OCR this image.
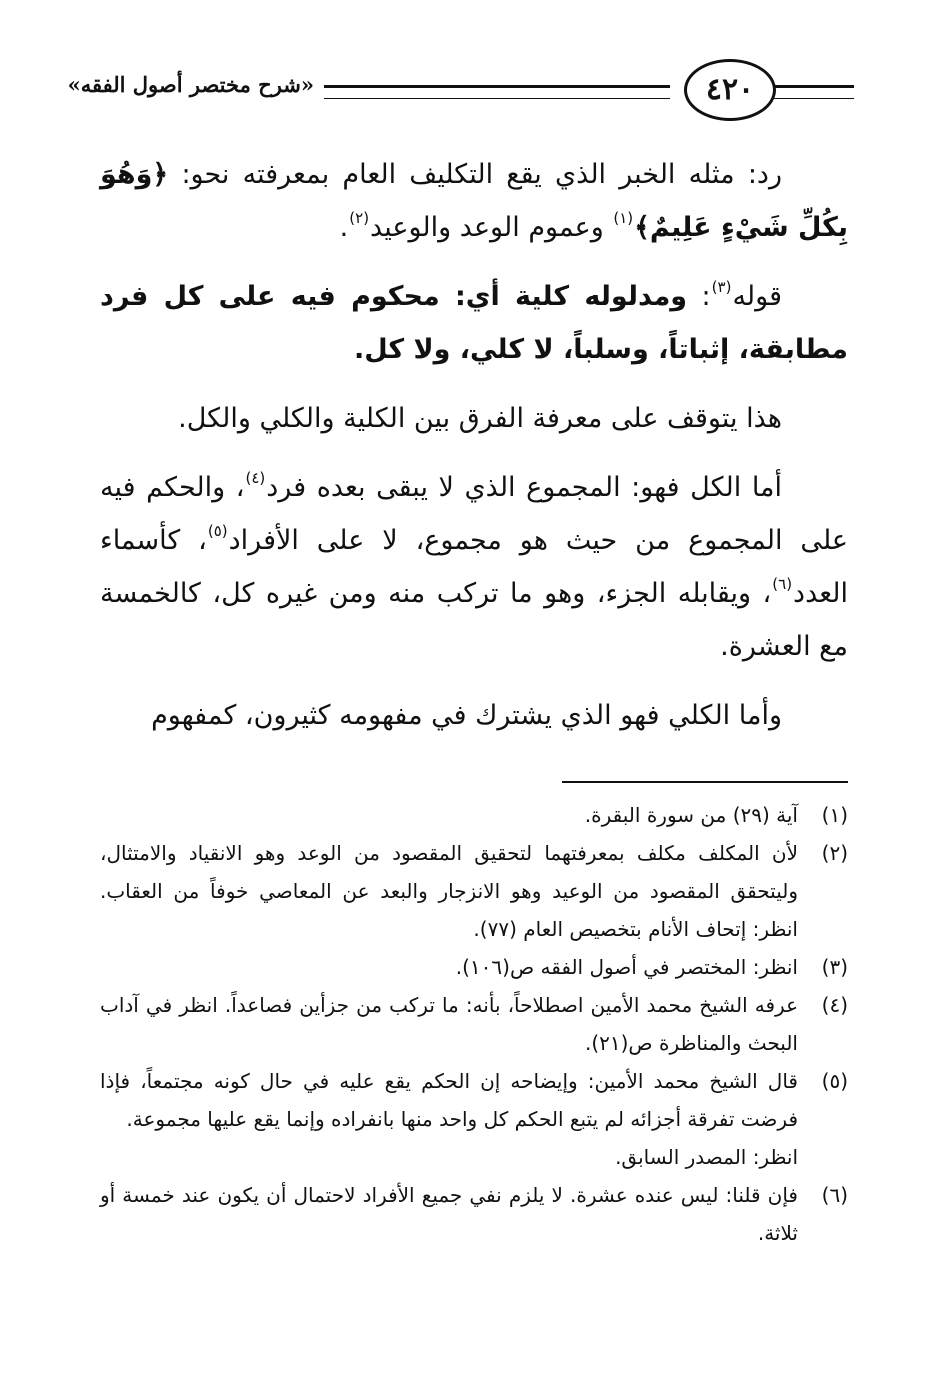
«شرح مختصر أصول الفقه»	٤٢٠

رد: مثله الخبر الذي يقع التكليف العام بمعرفته نحو: ﴿وَهُوَ بِكُلِّ شَيْءٍ عَلِيمٌ﴾$^{(١)}$ وعموم الوعد والوعيد$^{(٢)}$.

قوله$^{(٣)}$: ومدلوله كلية أي: محكوم فيه على كل فرد مطابقة، إثباتاً، وسلباً، لا كلي، ولا كل.

هذا يتوقف على معرفة الفرق بين الكلية والكلي والكل.

أما الكل فهو: المجموع الذي لا يبقى بعده فرد$^{(٤)}$، والحكم فيه على المجموع من حيث هو مجموع، لا على الأفراد$^{(٥)}$، كأسماء العدد$^{(٦)}$، ويقابله الجزء، وهو ما تركب منه ومن غيره كل، كالخمسة مع العشرة.

وأما الكلي فهو الذي يشترك في مفهومه كثيرون، كمفهوم

(١)
آية (٢٩) من سورة البقرة.
(٢)
لأن المكلف مكلف بمعرفتهما لتحقيق المقصود من الوعد وهو الانقياد والامتثال، وليتحقق المقصود من الوعيد وهو الانزجار والبعد عن المعاصي خوفاً من العقاب. انظر: إتحاف الأنام بتخصيص العام (٧٧).
(٣)
انظر: المختصر في أصول الفقه ص(١٠٦).
(٤)
عرفه الشيخ محمد الأمين اصطلاحاً، بأنه: ما تركب من جزأين فصاعداً. انظر في آداب البحث والمناظرة ص(٢١).
(٥)
قال الشيخ محمد الأمين: وإيضاحه إن الحكم يقع عليه في حال كونه مجتمعاً، فإذا فرضت تفرقة أجزائه لم يتبع الحكم كل واحد منها بانفراده وإنما يقع عليها مجموعة.
انظر: المصدر السابق.
(٦)
فإن قلنا: ليس عنده عشرة. لا يلزم نفي جميع الأفراد لاحتمال أن يكون عند خمسة أو ثلاثة.
